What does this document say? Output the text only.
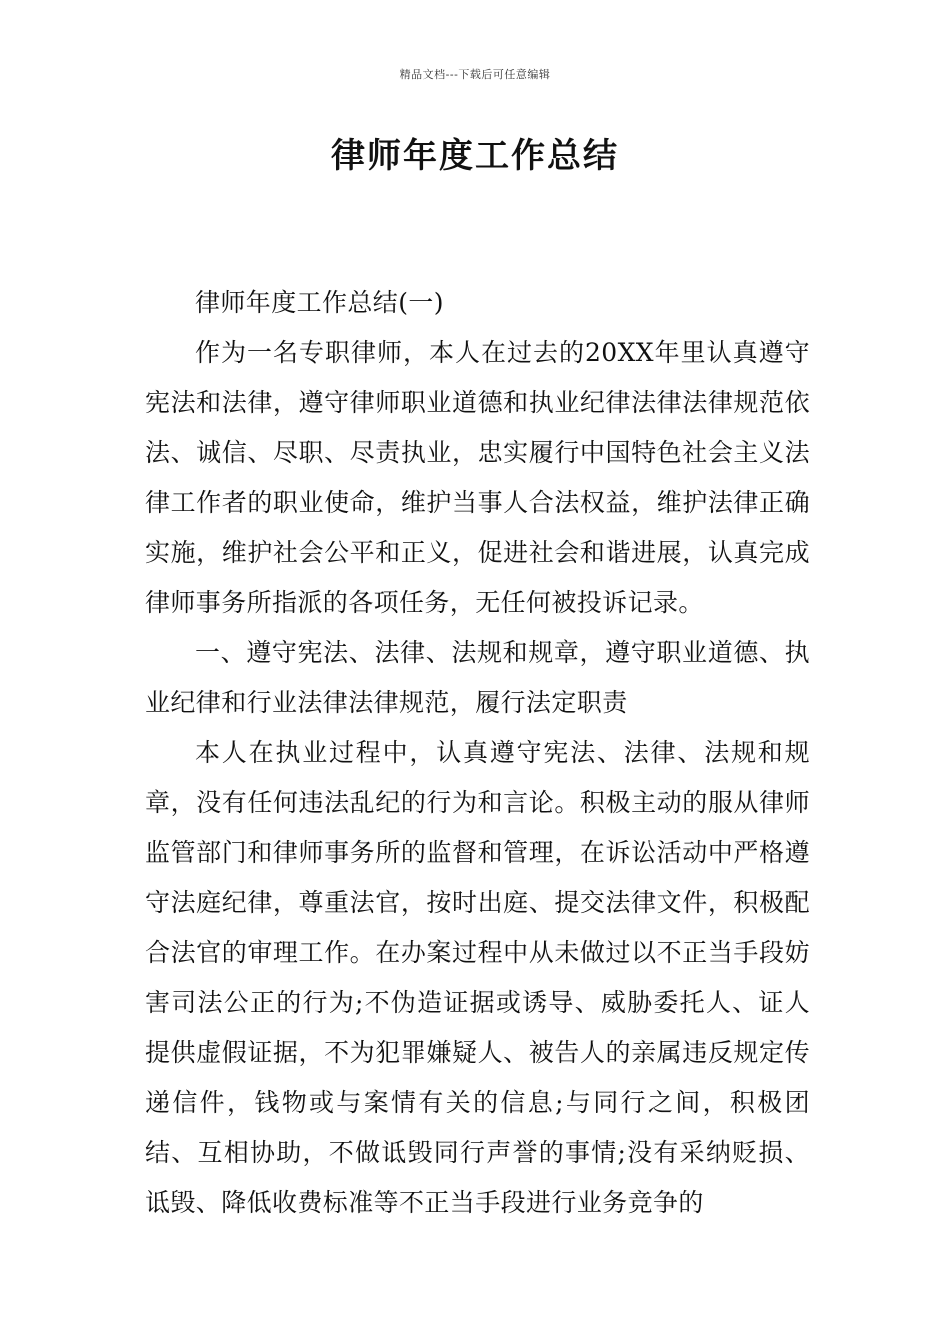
精品文档---下载后可任意编辑
律师年度工作总结

律师年度工作总结(一)

作为一名专职律师，本人在过去的20XX年里认真遵守宪法和法律，遵守律师职业道德和执业纪律法律法律规范依法、诚信、尽职、尽责执业，忠实履行中国特色社会主义法律工作者的职业使命，维护当事人合法权益，维护法律正确实施，维护社会公平和正义，促进社会和谐进展，认真完成律师事务所指派的各项任务，无任何被投诉记录。

一、遵守宪法、法律、法规和规章，遵守职业道德、执业纪律和行业法律法律规范，履行法定职责

本人在执业过程中，认真遵守宪法、法律、法规和规章，没有任何违法乱纪的行为和言论。积极主动的服从律师监管部门和律师事务所的监督和管理，在诉讼活动中严格遵守法庭纪律，尊重法官，按时出庭、提交法律文件，积极配合法官的审理工作。在办案过程中从未做过以不正当手段妨害司法公正的行为;不伪造证据或诱导、威胁委托人、证人提供虚假证据，不为犯罪嫌疑人、被告人的亲属违反规定传递信件，钱物或与案情有关的信息;与同行之间，积极团结、互相协助，不做诋毁同行声誉的事情;没有采纳贬损、诋毁、降低收费标准等不正当手段进行业务竞争的
